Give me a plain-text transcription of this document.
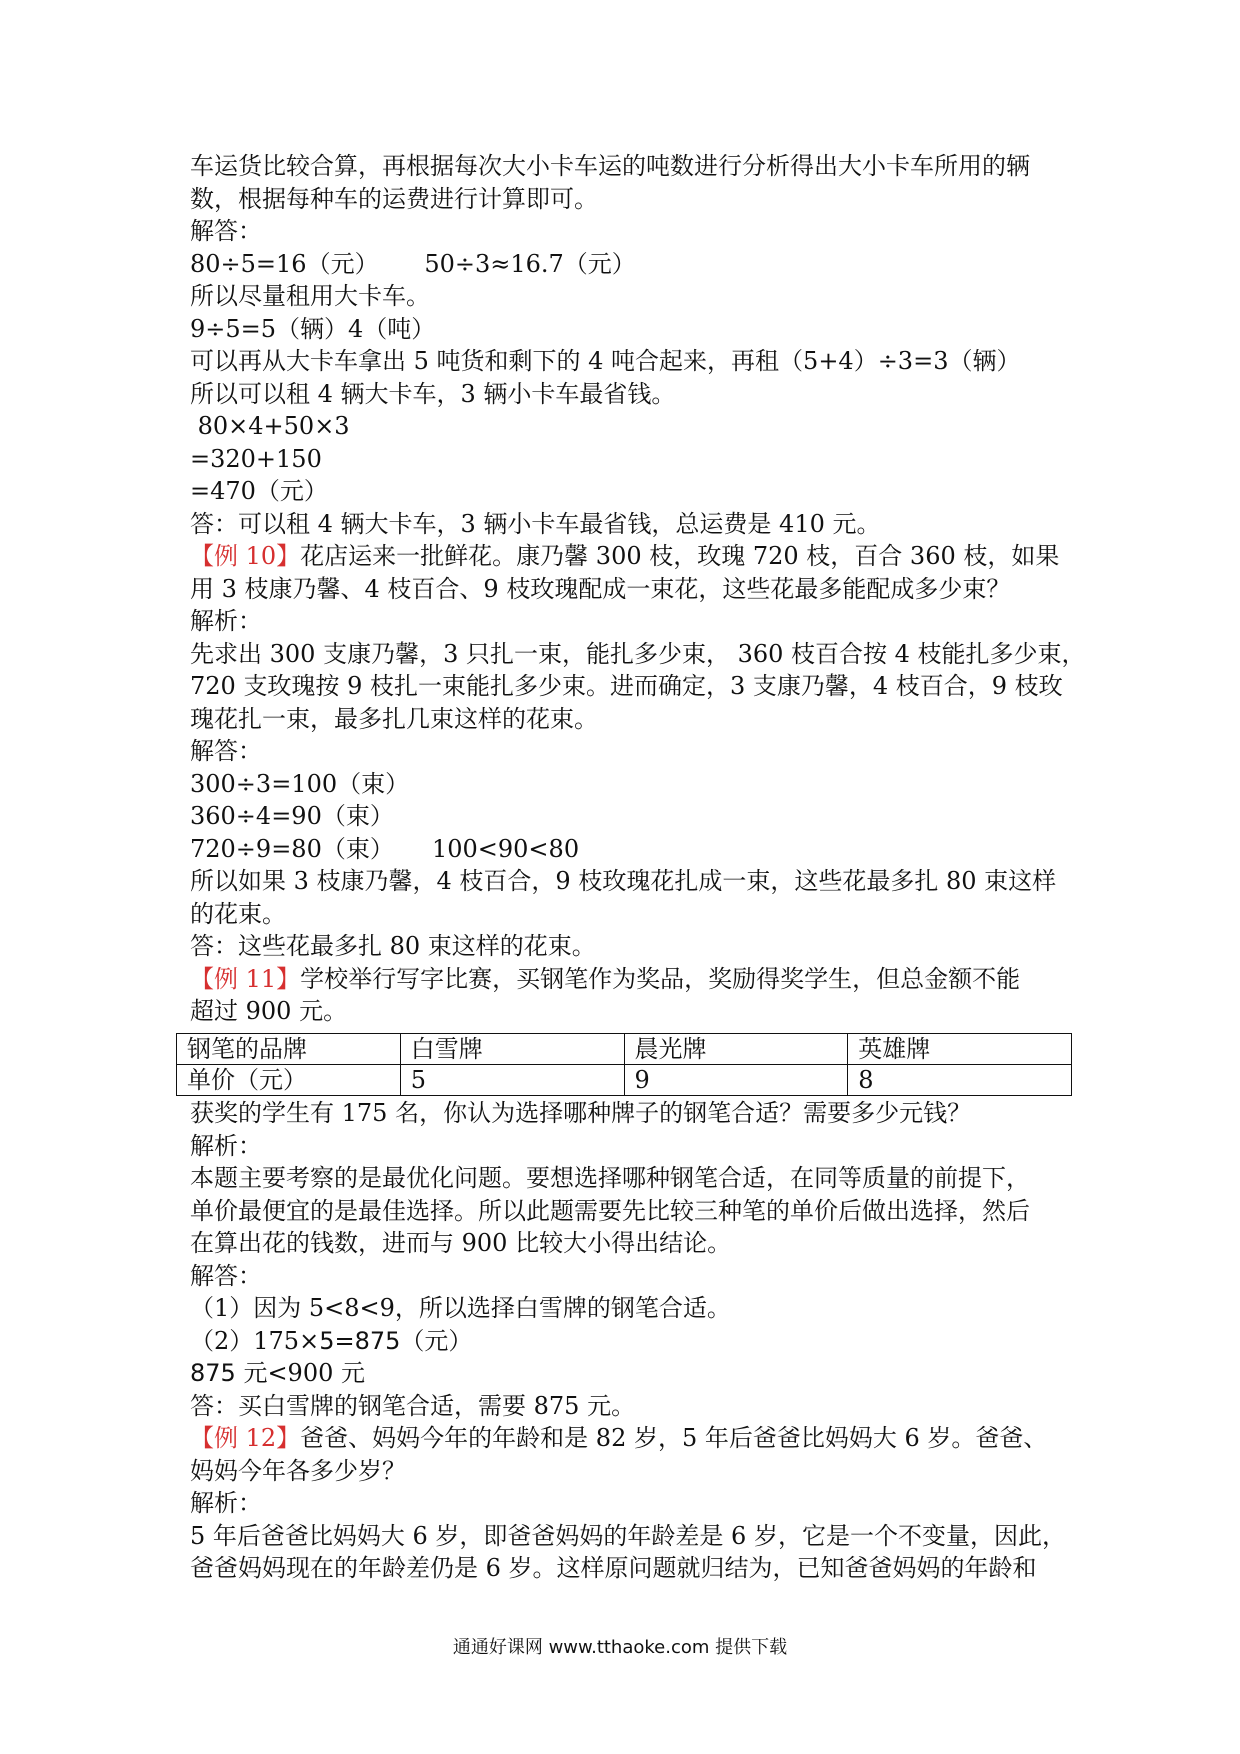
车运货比较合算，再根据每次大小卡车运的吨数进行分析得出大小卡车所用的辆
数，根据每种车的运费进行计算即可。
解答：
80÷5=16（元）      50÷3≈16.7（元）
所以尽量租用大卡车。
9÷5=5（辆）4（吨）
可以再从大卡车拿出 5 吨货和剩下的 4 吨合起来，再租（5+4）÷3=3（辆）
所以可以租 4 辆大卡车，3 辆小卡车最省钱。
80×4+50×3
=320+150
=470（元）
答：可以租 4 辆大卡车，3 辆小卡车最省钱，总运费是 410 元。
【例 10】花店运来一批鲜花。康乃馨 300 枝，玫瑰 720 枝，百合 360 枝，如果
用 3 枝康乃馨、4 枝百合、9 枝玫瑰配成一束花，这些花最多能配成多少束？
解析：
先求出 300 支康乃馨，3 只扎一束，能扎多少束， 360 枝百合按 4 枝能扎多少束，
720 支玫瑰按 9 枝扎一束能扎多少束。进而确定，3 支康乃馨，4 枝百合，9 枝玫
瑰花扎一束，最多扎几束这样的花束。
解答：
300÷3=100（束）
360÷4=90（束）
720÷9=80（束）     100<90<80
所以如果 3 枝康乃馨，4 枝百合，9 枝玫瑰花扎成一束，这些花最多扎 80 束这样
的花束。
答：这些花最多扎 80 束这样的花束。
【例 11】学校举行写字比赛，买钢笔作为奖品，奖励得奖学生，但总金额不能
超过 900 元。
钢笔的品牌	白雪牌	晨光牌	英雄牌
单价（元）	5	9	8
获奖的学生有 175 名，你认为选择哪种牌子的钢笔合适？需要多少元钱？
解析：
本题主要考察的是最优化问题。要想选择哪种钢笔合适，在同等质量的前提下，
单价最便宜的是最佳选择。所以此题需要先比较三种笔的单价后做出选择，然后
在算出花的钱数，进而与 900 比较大小得出结论。
解答：
（1）因为 5<8<9，所以选择白雪牌的钢笔合适。
（2）175×5=875（元）
875 元<900 元
答：买白雪牌的钢笔合适，需要 875 元。
【例 12】爸爸、妈妈今年的年龄和是 82 岁，5 年后爸爸比妈妈大 6 岁。爸爸、
妈妈今年各多少岁？
解析：
5 年后爸爸比妈妈大 6 岁，即爸爸妈妈的年龄差是 6 岁，它是一个不变量，因此，
爸爸妈妈现在的年龄差仍是 6 岁。这样原问题就归结为，已知爸爸妈妈的年龄和
通通好课网 www.tthaoke.com 提供下载
